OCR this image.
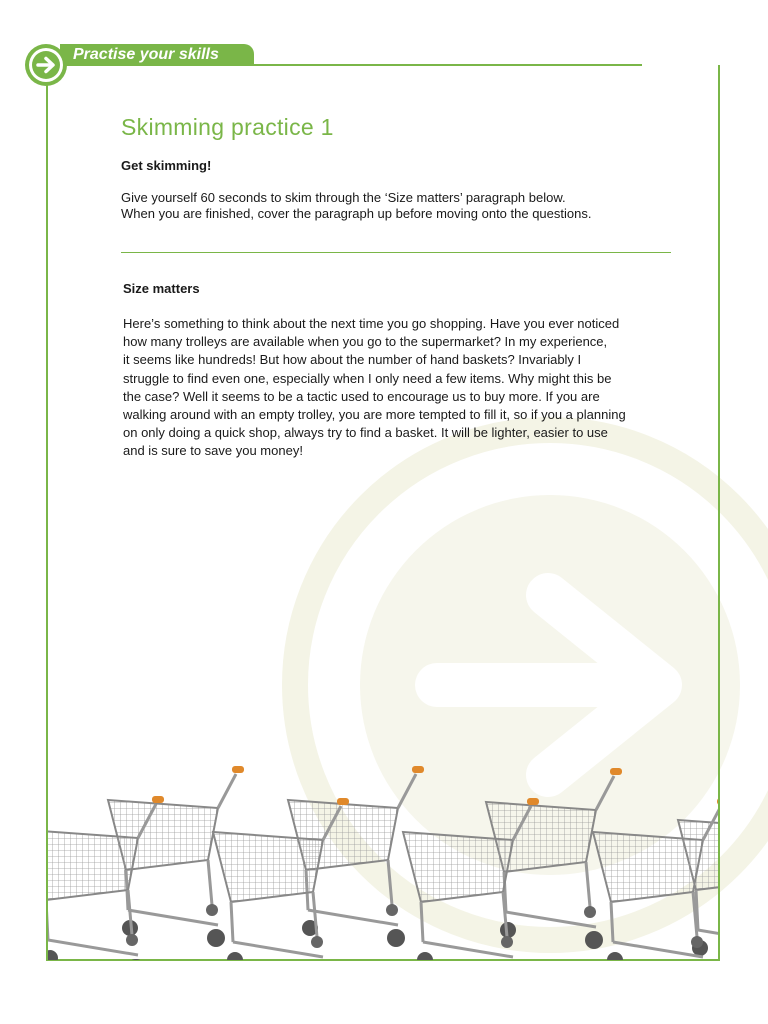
Practise your skills
Skimming practice 1
Get skimming!
Give yourself 60 seconds to skim through the ‘Size matters’ paragraph below.
When you are finished, cover the paragraph up before moving onto the questions.
Size matters
Here’s something to think about the next time you go shopping. Have you ever noticed
how many trolleys are available when you go to the supermarket? In my experience,
it seems like hundreds! But how about the number of hand baskets? Invariably I
struggle to find even one, especially when I only need a few items. Why might this be
the case? Well it seems to be a tactic used to encourage us to buy more. If you are
walking around with an empty trolley, you are more tempted to fill it, so if you a planning
on only doing a quick shop, always try to find a basket. It will be lighter, easier to use
and is sure to save you money!
